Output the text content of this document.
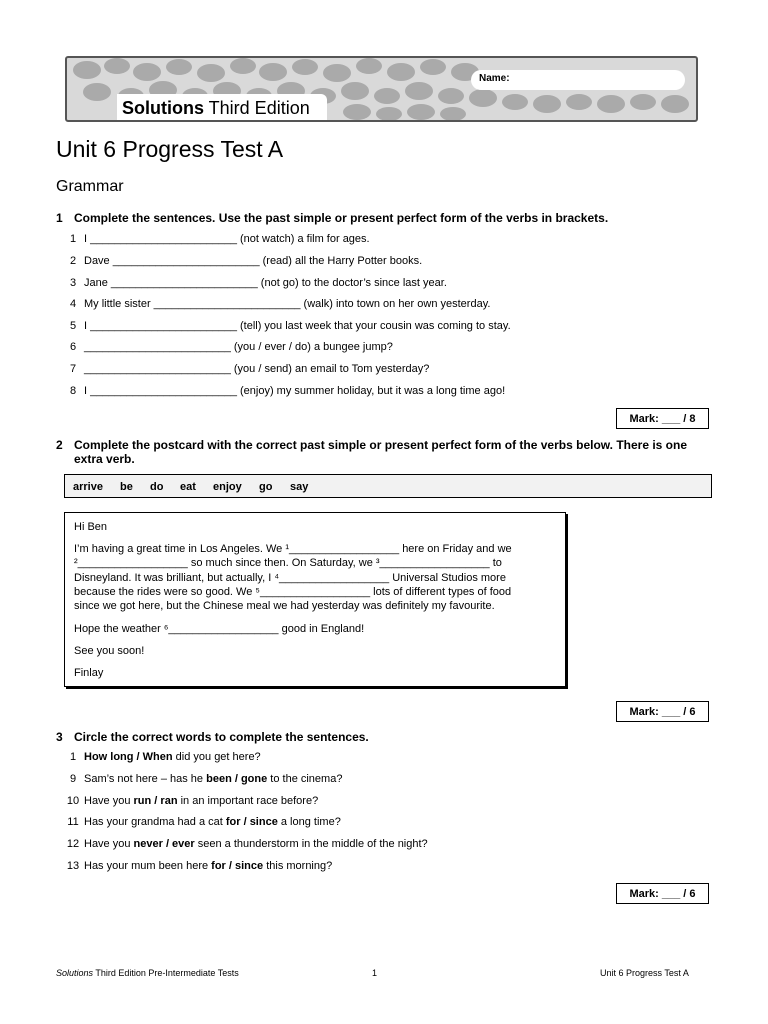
Solutions Third Edition
Name:
Unit 6 Progress Test A
Grammar
1 Complete the sentences. Use the past simple or present perfect form of the verbs in brackets.
1 I ________________________ (not watch) a film for ages.
2 Dave ________________________ (read) all the Harry Potter books.
3 Jane ________________________ (not go) to the doctor’s since last year.
4 My little sister ________________________ (walk) into town on her own yesterday.
5 I ________________________ (tell) you last week that your cousin was coming to stay.
6 ________________________ (you / ever / do) a bungee jump?
7 ________________________ (you / send) an email to Tom yesterday?
8 I ________________________ (enjoy) my summer holiday, but it was a long time ago!
Mark: ___ / 8
2 Complete the postcard with the correct past simple or present perfect form of the verbs below. There is one extra verb.
arrive be do eat enjoy go say
Hi Ben
I’m having a great time in Los Angeles. We ¹__________________ here on Friday and we
²__________________ so much since then. On Saturday, we ³__________________ to
Disneyland. It was brilliant, but actually, I ⁴__________________ Universal Studios more
because the rides were so good. We ⁵__________________ lots of different types of food
since we got here, but the Chinese meal we had yesterday was definitely my favourite.
Hope the weather ⁶__________________ good in England!
See you soon!
Finlay
Mark: ___ / 6
3 Circle the correct words to complete the sentences.
1 How long / When did you get here?
9 Sam’s not here – has he been / gone to the cinema?
10 Have you run / ran in an important race before?
11 Has your grandma had a cat for / since a long time?
12 Have you never / ever seen a thunderstorm in the middle of the night?
13 Has your mum been here for / since this morning?
Mark: ___ / 6
Solutions Third Edition Pre-Intermediate Tests	1	Unit 6 Progress Test A
